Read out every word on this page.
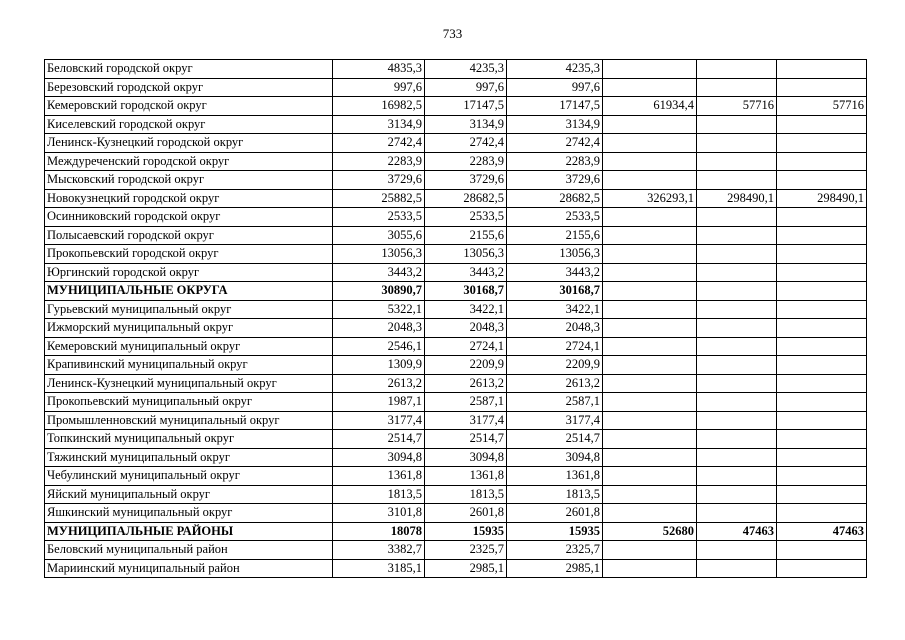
733
Беловский городской округ	4835,3	4235,3	4235,3			
Березовский городской округ	997,6	997,6	997,6			
Кемеровский городской округ	16982,5	17147,5	17147,5	61934,4	57716	57716
Киселевский городской округ	3134,9	3134,9	3134,9			
Ленинск-Кузнецкий городской округ	2742,4	2742,4	2742,4			
Междуреченский городской округ	2283,9	2283,9	2283,9			
Мысковский городской округ	3729,6	3729,6	3729,6			
Новокузнецкий городской округ	25882,5	28682,5	28682,5	326293,1	298490,1	298490,1
Осинниковский городской округ	2533,5	2533,5	2533,5			
Полысаевский городской округ	3055,6	2155,6	2155,6			
Прокопьевский городской округ	13056,3	13056,3	13056,3			
Юргинский городской округ	3443,2	3443,2	3443,2			
МУНИЦИПАЛЬНЫЕ ОКРУГА	30890,7	30168,7	30168,7			
Гурьевский муниципальный округ	5322,1	3422,1	3422,1			
Ижморский муниципальный округ	2048,3	2048,3	2048,3			
Кемеровский муниципальный округ	2546,1	2724,1	2724,1			
Крапивинский муниципальный округ	1309,9	2209,9	2209,9			
Ленинск-Кузнецкий муниципальный округ	2613,2	2613,2	2613,2			
Прокопьевский муниципальный округ	1987,1	2587,1	2587,1			
Промышленновский муниципальный округ	3177,4	3177,4	3177,4			
Топкинский муниципальный округ	2514,7	2514,7	2514,7			
Тяжинский муниципальный округ	3094,8	3094,8	3094,8			
Чебулинский муниципальный округ	1361,8	1361,8	1361,8			
Яйский муниципальный округ	1813,5	1813,5	1813,5			
Яшкинский муниципальный округ	3101,8	2601,8	2601,8			
МУНИЦИПАЛЬНЫЕ РАЙОНЫ	18078	15935	15935	52680	47463	47463
Беловский муниципальный район	3382,7	2325,7	2325,7			
Мариинский муниципальный район	3185,1	2985,1	2985,1			
